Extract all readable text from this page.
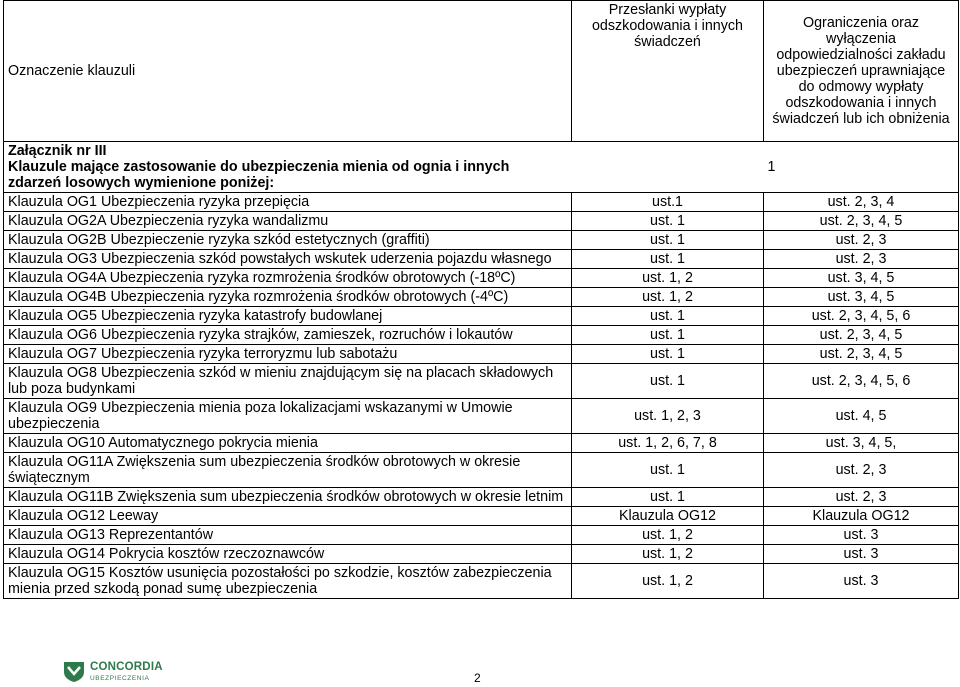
Oznaczenie klauzuli	Przesłanki wypłaty odszkodowania i innych świadczeń	Ograniczenia oraz wyłączenia odpowiedzialności zakładu ubezpieczeń uprawniające do odmowy wypłaty odszkodowania i innych świadczeń lub ich obniżenia

Załącznik nr III
Klauzule mające zastosowanie do ubezpieczenia mienia od ognia i innych
zdarzeń losowych wymienione poniżej:		1
Klauzula OG1 Ubezpieczenia ryzyka przepięcia	ust.1	ust. 2, 3, 4
Klauzula OG2A Ubezpieczenia ryzyka wandalizmu	ust. 1	ust. 2, 3, 4, 5
Klauzula OG2B Ubezpieczenie ryzyka szkód estetycznych (graffiti)	ust. 1	ust. 2, 3
Klauzula OG3 Ubezpieczenia szkód powstałych wskutek uderzenia pojazdu własnego	ust. 1	ust. 2, 3
Klauzula OG4A Ubezpieczenia ryzyka rozmrożenia środków obrotowych (-18ºC)	ust. 1, 2	ust. 3, 4, 5
Klauzula OG4B Ubezpieczenia ryzyka rozmrożenia środków obrotowych (-4ºC)	ust. 1, 2	ust. 3, 4, 5
Klauzula OG5 Ubezpieczenia ryzyka katastrofy budowlanej	ust. 1	ust. 2, 3, 4, 5, 6
Klauzula OG6 Ubezpieczenia ryzyka strajków, zamieszek, rozruchów i lokautów	ust. 1	ust. 2, 3, 4, 5
Klauzula OG7 Ubezpieczenia ryzyka terroryzmu lub sabotażu	ust. 1	ust. 2, 3, 4, 5
Klauzula OG8 Ubezpieczenia szkód w mieniu znajdującym się na placach składowych lub poza budynkami	ust. 1	ust. 2, 3, 4, 5, 6
Klauzula OG9 Ubezpieczenia mienia poza lokalizacjami wskazanymi w Umowie ubezpieczenia	ust. 1, 2, 3	ust. 4, 5
Klauzula OG10 Automatycznego pokrycia mienia	ust. 1, 2, 6, 7, 8	ust. 3, 4, 5,
Klauzula OG11A Zwiększenia sum ubezpieczenia środków obrotowych w okresie świątecznym	ust. 1	ust. 2, 3
Klauzula OG11B Zwiększenia sum ubezpieczenia środków obrotowych w okresie letnim	ust. 1	ust. 2, 3
Klauzula OG12 Leeway	Klauzula OG12	Klauzula OG12
Klauzula OG13 Reprezentantów	ust. 1, 2	ust. 3
Klauzula OG14 Pokrycia kosztów rzeczoznawców	ust. 1, 2	ust. 3
Klauzula OG15 Kosztów usunięcia pozostałości po szkodzie, kosztów zabezpieczenia mienia przed szkodą ponad sumę ubezpieczenia	ust. 1, 2	ust. 3
CONCORDIA
UBEZPIECZENIA	2
